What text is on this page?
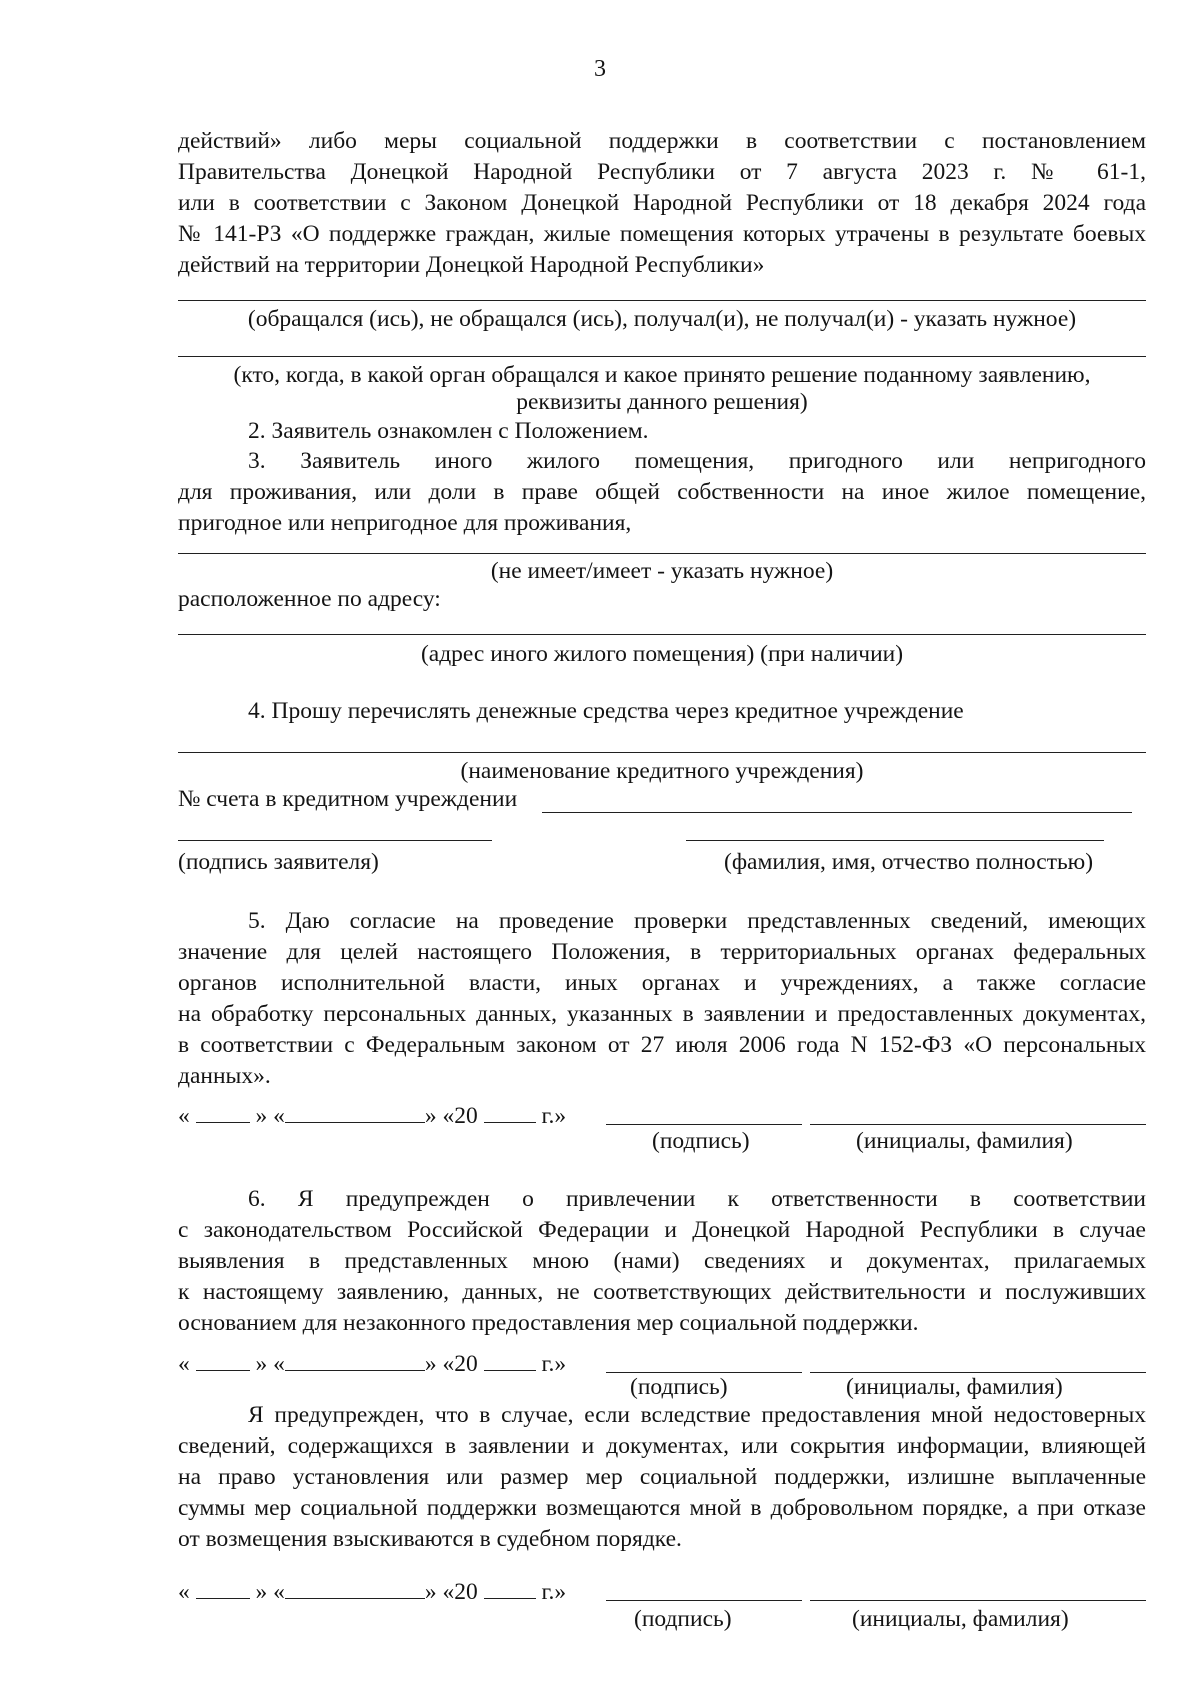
3
действий» либо меры социальной поддержки в соответствии с постановлением
Правительства Донецкой Народной Республики от 7 августа 2023 г. № 61-1,
или в соответствии с Законом Донецкой Народной Республики от 18 декабря 2024 года
№ 141-РЗ «О поддержке граждан, жилые помещения которых утрачены в результате боевых
действий на территории Донецкой Народной Республики»
(обращался (ись), не обращался (ись), получал(и), не получал(и) - указать нужное)
(кто, когда, в какой орган обращался и какое принято решение поданному заявлению,
реквизиты данного решения)
2. Заявитель ознакомлен с Положением.
3. Заявитель иного жилого помещения, пригодного или непригодного
для проживания, или доли в праве общей собственности на иное жилое помещение,
пригодное или непригодное для проживания,
(не имеет/имеет - указать нужное)
расположенное по адресу:
(адрес иного жилого помещения) (при наличии)
4. Прошу перечислять денежные средства через кредитное учреждение
(наименование кредитного учреждения)
№ счета в кредитном учреждении
(подпись заявителя)	(фамилия, имя, отчество полностью)
5. Даю согласие на проведение проверки представленных сведений, имеющих
значение для целей настоящего Положения, в территориальных органах федеральных
органов исполнительной власти, иных органах и учреждениях, а также согласие
на обработку персональных данных, указанных в заявлении и предоставленных документах,
в соответствии с Федеральным законом от 27 июля 2006 года N 152-ФЗ «О персональных
данных».
«	» «	» «20	г.»
(подпись)	(инициалы, фамилия)
6. Я предупрежден о привлечении к ответственности в соответствии
с законодательством Российской Федерации и Донецкой Народной Республики в случае
выявления в представленных мною (нами) сведениях и документах, прилагаемых
к настоящему заявлению, данных, не соответствующих действительности и послуживших
основанием для незаконного предоставления мер социальной поддержки.
«	» «	» «20	г.»
(подпись)	(инициалы, фамилия)
Я предупрежден, что в случае, если вследствие предоставления мной недостоверных
сведений, содержащихся в заявлении и документах, или сокрытия информации, влияющей
на право установления или размер мер социальной поддержки, излишне выплаченные
суммы мер социальной поддержки возмещаются мной в добровольном порядке, а при отказе
от возмещения взыскиваются в судебном порядке.
«	» «	» «20	г.»
(подпись)	(инициалы, фамилия)
